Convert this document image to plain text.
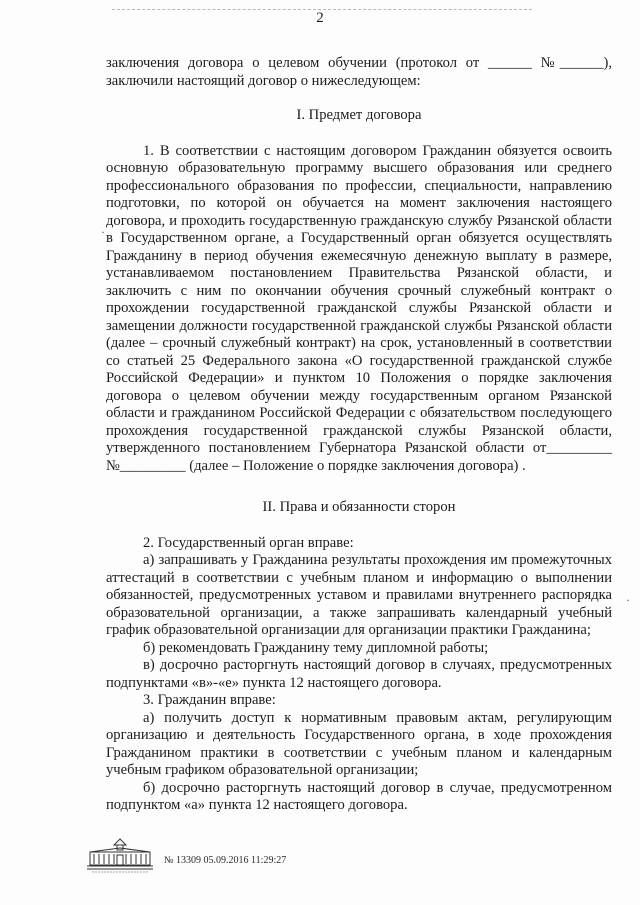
2

заключения договора о целевом обучении (протокол от ______ №______), заключили настоящий договор о нижеследующем:

I. Предмет договора

1. В соответствии с настоящим договором Гражданин обязуется освоить основную образовательную программу высшего образования или среднего профессионального образования по профессии, специальности, направлению подготовки, по которой он обучается на момент заключения настоящего договора, и проходить государственную гражданскую службу Рязанской области в Государственном органе, а Государственный орган обязуется осуществлять Гражданину в период обучения ежемесячную денежную выплату в размере, устанавливаемом постановлением Правительства Рязанской области, и заключить с ним по окончании обучения срочный служебный контракт о прохождении государственной гражданской службы Рязанской области и замещении должности государственной гражданской службы Рязанской области (далее – срочный служебный контракт) на срок, установленный в соответствии со статьей 25 Федерального закона «О государственной гражданской службе Российской Федерации» и пунктом 10 Положения о порядке заключения договора о целевом обучении между государственным органом Рязанской области и гражданином Российской Федерации с обязательством последующего прохождения государственной гражданской службы Рязанской области, утвержденного постановлением Губернатора Рязанской области от_________ №_________ (далее – Положение о порядке заключения договора) .

II. Права и обязанности сторон

2. Государственный орган вправе:

а) запрашивать у Гражданина результаты прохождения им промежуточных аттестаций в соответствии с учебным планом и информацию о выполнении обязанностей, предусмотренных уставом и правилами внутреннего распорядка образовательной организации, а также запрашивать календарный учебный график образовательной организации для организации практики Гражданина;

б) рекомендовать Гражданину тему дипломной работы;

в) досрочно расторгнуть настоящий договор в случаях, предусмотренных подпунктами «в»-«е» пункта 12 настоящего договора.

3. Гражданин вправе:

а) получить доступ к нормативным правовым актам, регулирующим организацию и деятельность Государственного органа, в ходе прохождения Гражданином практики в соответствии с учебным планом и календарным учебным графиком образовательной организации;

б) досрочно расторгнуть настоящий договор в случае, предусмотренном подпунктом «а» пункта 12 настоящего договора.

·
·
№ 13309 05.09.2016 11:29:27
